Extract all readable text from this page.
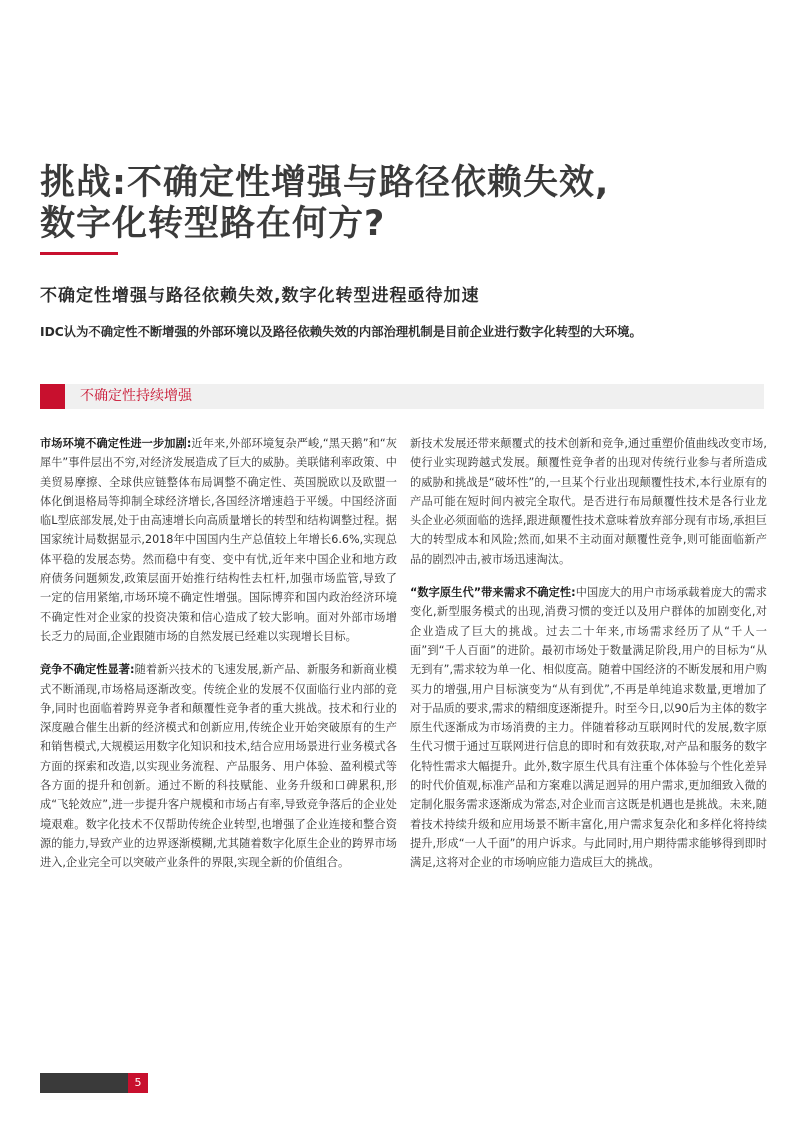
挑战:不确定性增强与路径依赖失效,
数字化转型路在何方?
不确定性增强与路径依赖失效,数字化转型进程亟待加速

IDC认为不确定性不断增强的外部环境以及路径依赖失效的内部治理机制是目前企业进行数字化转型的大环境。

不确定性持续增强

市场环境不确定性进一步加剧:近年来,外部环境复杂严峻,“黑天鹅”和“灰犀牛”事件层出不穷,对经济发展造成了巨大的威胁。美联储利率政策、中美贸易摩擦、全球供应链整体布局调整不确定性、英国脱欧以及欧盟一体化倒退格局等抑制全球经济增长,各国经济增速趋于平缓。中国经济面临L型底部发展,处于由高速增长向高质量增长的转型和结构调整过程。据国家统计局数据显示,2018年中国国内生产总值较上年增长6.6%,实现总体平稳的发展态势。然而稳中有变、变中有忧,近年来中国企业和地方政府债务问题频发,政策层面开始推行结构性去杠杆,加强市场监管,导致了一定的信用紧缩,市场环境不确定性增强。国际博弈和国内政治经济环境不确定性对企业家的投资决策和信心造成了较大影响。面对外部市场增长乏力的局面,企业跟随市场的自然发展已经难以实现增长目标。

竞争不确定性显著:随着新兴技术的飞速发展,新产品、新服务和新商业模式不断涌现,市场格局逐渐改变。传统企业的发展不仅面临行业内部的竞争,同时也面临着跨界竞争者和颠覆性竞争者的重大挑战。技术和行业的深度融合催生出新的经济模式和创新应用,传统企业开始突破原有的生产和销售模式,大规模运用数字化知识和技术,结合应用场景进行业务模式各方面的探索和改造,以实现业务流程、产品服务、用户体验、盈利模式等各方面的提升和创新。通过不断的科技赋能、业务升级和口碑累积,形成“飞轮效应”,进一步提升客户规模和市场占有率,导致竞争落后的企业处境艰难。数字化技术不仅帮助传统企业转型,也增强了企业连接和整合资源的能力,导致产业的边界逐渐模糊,尤其随着数字化原生企业的跨界市场进入,企业完全可以突破产业条件的界限,实现全新的价值组合。

新技术发展还带来颠覆式的技术创新和竞争,通过重塑价值曲线改变市场,使行业实现跨越式发展。颠覆性竞争者的出现对传统行业参与者所造成的威胁和挑战是“破坏性”的,一旦某个行业出现颠覆性技术,本行业原有的产品可能在短时间内被完全取代。是否进行布局颠覆性技术是各行业龙头企业必须面临的选择,跟进颠覆性技术意味着放弃部分现有市场,承担巨大的转型成本和风险;然而,如果不主动面对颠覆性竞争,则可能面临新产品的剧烈冲击,被市场迅速淘汰。

“数字原生代”带来需求不确定性:中国庞大的用户市场承载着庞大的需求变化,新型服务模式的出现,消费习惯的变迁以及用户群体的加剧变化,对企业造成了巨大的挑战。过去二十年来,市场需求经历了从“千人一面”到“千人百面”的进阶。最初市场处于数量满足阶段,用户的目标为“从无到有”,需求较为单一化、相似度高。随着中国经济的不断发展和用户购买力的增强,用户目标演变为“从有到优”,不再是单纯追求数量,更增加了对于品质的要求,需求的精细度逐渐提升。时至今日,以90后为主体的数字原生代逐渐成为市场消费的主力。伴随着移动互联网时代的发展,数字原生代习惯于通过互联网进行信息的即时和有效获取,对产品和服务的数字化特性需求大幅提升。此外,数字原生代具有注重个体体验与个性化差异的时代价值观,标准产品和方案难以满足迥异的用户需求,更加细致入微的定制化服务需求逐渐成为常态,对企业而言这既是机遇也是挑战。未来,随着技术持续升级和应用场景不断丰富化,用户需求复杂化和多样化将持续提升,形成“一人千面”的用户诉求。与此同时,用户期待需求能够得到即时满足,这将对企业的市场响应能力造成巨大的挑战。

5
